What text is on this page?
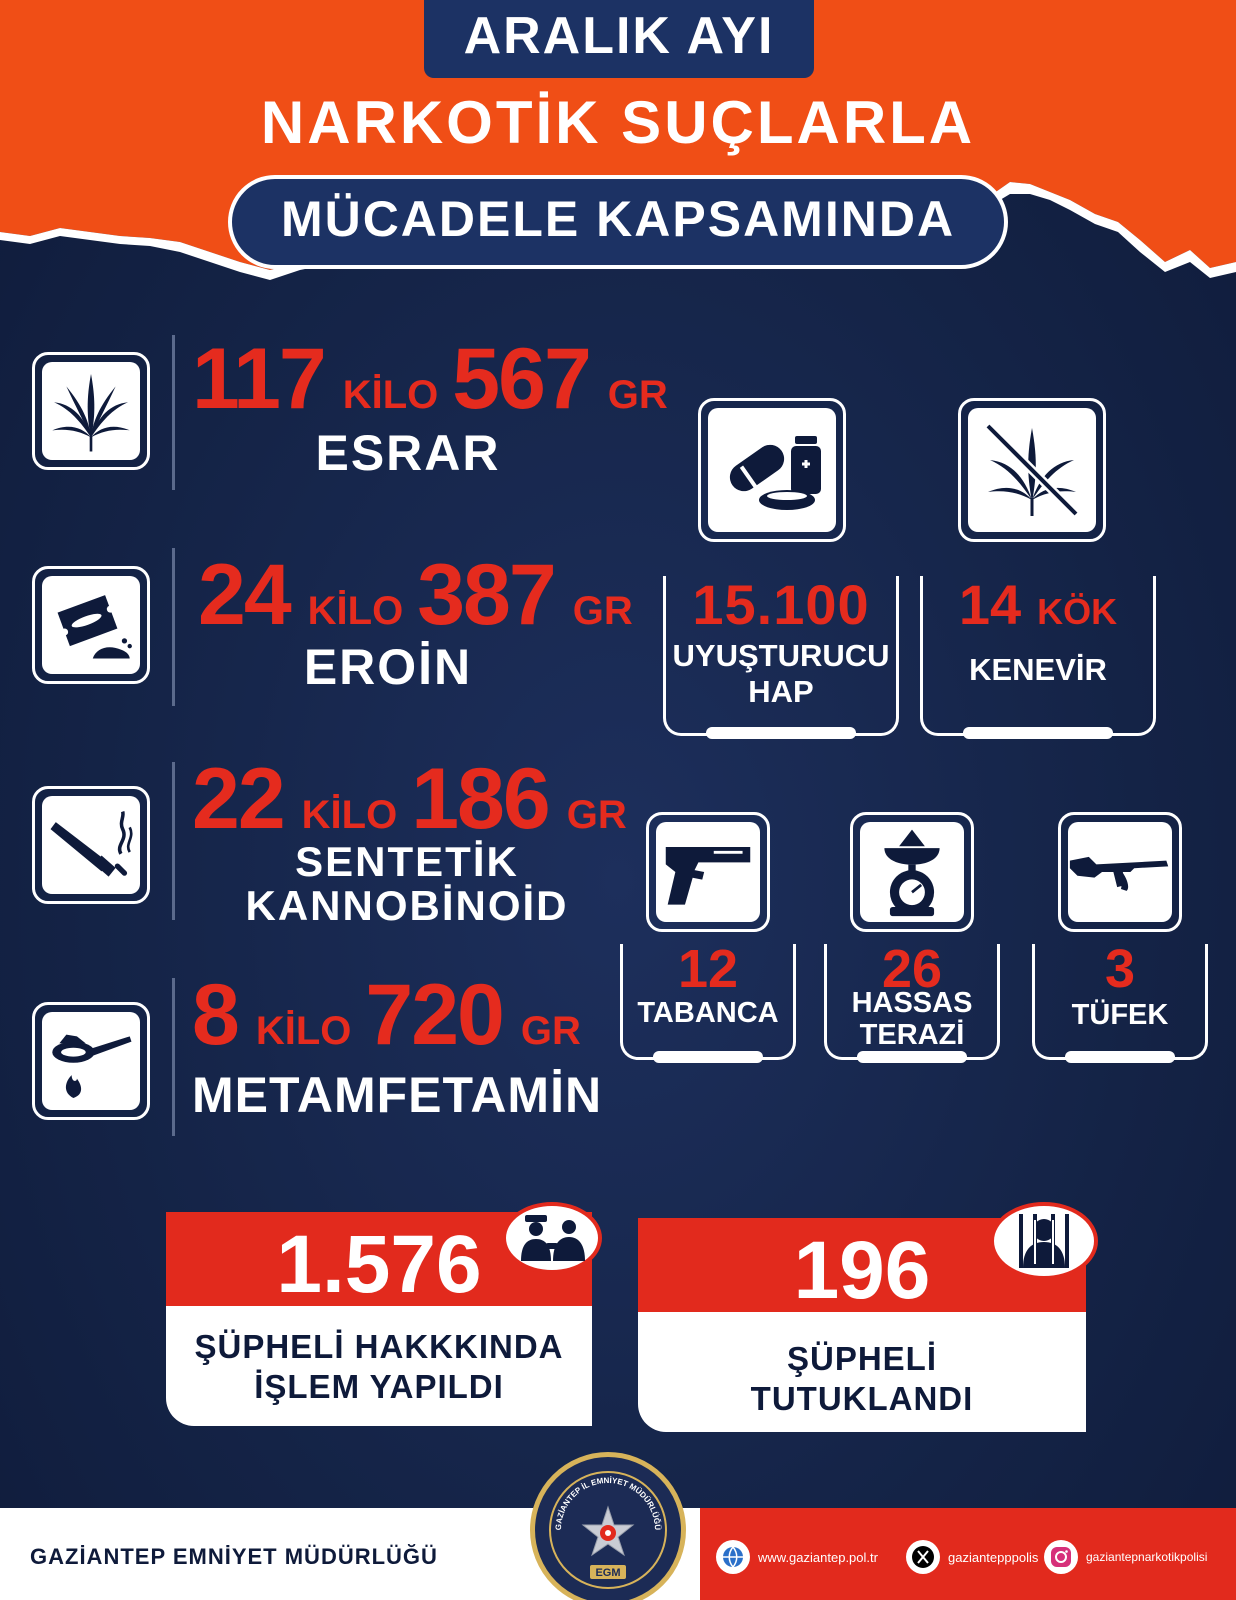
ARALIK AYI
NARKOTİK SUÇLARLA
MÜCADELE KAPSAMINDA
117 KİLO 567 GR
ESRAR
24 KİLO 387 GR
EROİN
22 KİLO 186 GR
SENTETİK
KANNOBİNOİD
8 KİLO 720 GR
METAMFETAMİN
15.100
UYUŞTURUCU
HAP
14 KÖK
KENEVİR
12
TABANCA
26
HASSAS
TERAZİ
3
TÜFEK
1.576
ŞÜPHELİ HAKKKINDA
İŞLEM YAPILDI
196
ŞÜPHELİ
TUTUKLANDI
GAZİANTEP EMNİYET MÜDÜRLÜĞÜ
GAZİANTEP İL EMNİYET MÜDÜRLÜĞÜ
EGM
www.gaziantep.pol.tr	gaziantepppolis	gaziantepnarkotikpolisi
